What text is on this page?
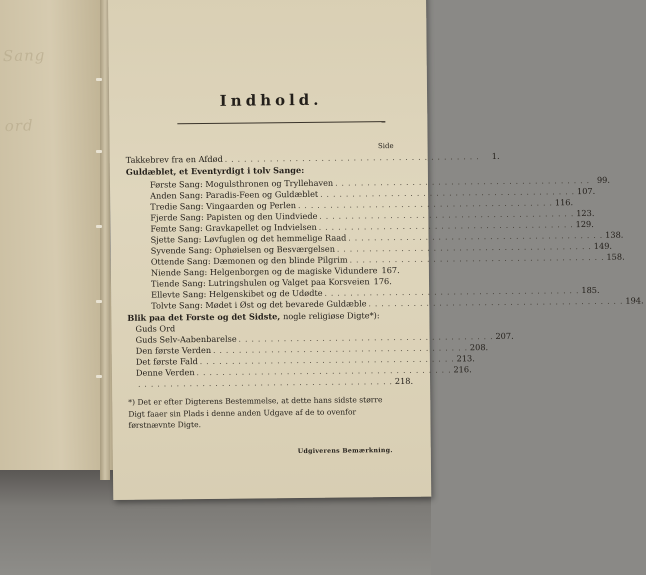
Sang
ord
Indhold.
Side
Takkebrev fra en Afdød . . . . . . . . . . . . . . . . . . . . . . . . . . . . . . . . . . . . . . . .	1.
Guldæblet, et Eventyrdigt i tolv Sange:
Første Sang: Mogulsthronen og Tryllehaven . . . . . . . . . . . . . . . . . . . . . . . . . . . . . . . . . . . . . . . . 99.
Anden Sang: Paradis-Feen og Guldæblet . . . . . . . . . . . . . . . . . . . . . . . . . . . . . . . . . . . . . . . . 107.
Tredie Sang: Vingaarden og Perlen . . . . . . . . . . . . . . . . . . . . . . . . . . . . . . . . . . . . . . . . 116.
Fjerde Sang: Papisten og den Uindviede . . . . . . . . . . . . . . . . . . . . . . . . . . . . . . . . . . . . . . . . 123.
Femte Sang: Gravkapellet og Indvielsen . . . . . . . . . . . . . . . . . . . . . . . . . . . . . . . . . . . . . . . . 129.
Sjette Sang: Løvfuglen og det hemmelige Raad . . . . . . . . . . . . . . . . . . . . . . . . . . . . . . . . . . . . . . . . 138.
Syvende Sang: Ophøielsen og Besværgelsen . . . . . . . . . . . . . . . . . . . . . . . . . . . . . . . . . . . . . . . . 149.
Ottende Sang: Dæmonen og den blinde Pilgrim . . . . . . . . . . . . . . . . . . . . . . . . . . . . . . . . . . . . . . . . 158.
Niende Sang: Helgenborgen og de magiske Vidundere 167.
Tiende Sang: Lutringshulen og Valget paa Korsveien 176.
Ellevte Sang: Helgenskibet og de Udødte . . . . . . . . . . . . . . . . . . . . . . . . . . . . . . . . . . . . . . . . 185.
Tolvte Sang: Mødet i Øst og det bevarede Guldæble . . . . . . . . . . . . . . . . . . . . . . . . . . . . . . . . . . . . . . . . 194.
Blik paa det Forste og det Sidste, nogle religiøse Digte*):
Guds Ord
Guds Selv-Aabenbarelse . . . . . . . . . . . . . . . . . . . . . . . . . . . . . . . . . . . . . . . . 207.
Den første Verden . . . . . . . . . . . . . . . . . . . . . . . . . . . . . . . . . . . . . . . . 208.
Det første Fald . . . . . . . . . . . . . . . . . . . . . . . . . . . . . . . . . . . . . . . . 213.
Denne Verden . . . . . . . . . . . . . . . . . . . . . . . . . . . . . . . . . . . . . . . . 216.
. . . . . . . . . . . . . . . . . . . . . . . . . . . . . . . . . . . . . . . . 218.
*) Det er efter Digterens Bestemmelse, at dette hans sidste større Digt faaer sin Plads i denne anden Udgave af de to ovenfor førstnævnte Digte.
Udgiverens Bemærkning.
